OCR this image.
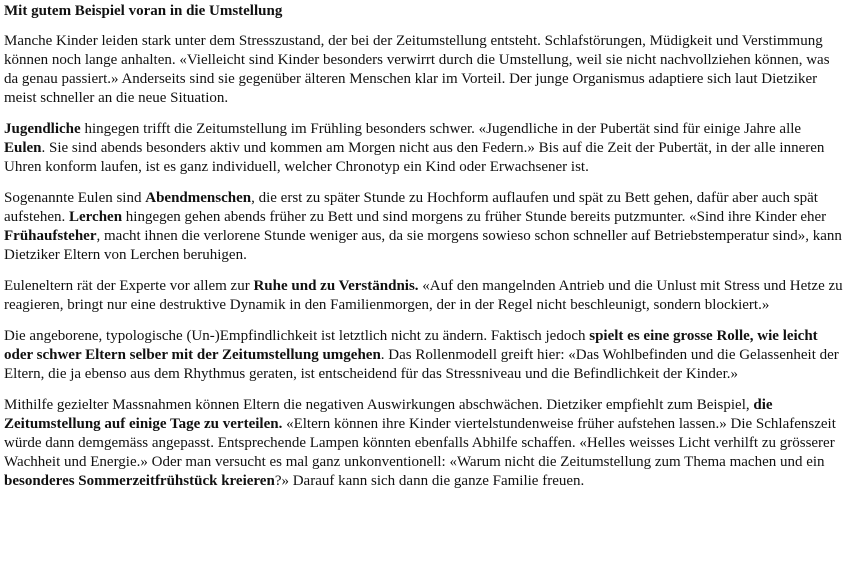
Mit gutem Beispiel voran in die Umstellung

Manche Kinder leiden stark unter dem Stresszustand, der bei der Zeitumstellung entsteht. Schlafstörungen, Müdigkeit und Verstimmung können noch lange anhalten. «Vielleicht sind Kinder besonders verwirrt durch die Umstellung, weil sie nicht nachvollziehen können, was da genau passiert.» Anderseits sind sie gegenüber älteren Menschen klar im Vorteil. Der junge Organismus adaptiere sich laut Dietziker meist schneller an die neue Situation.

Jugendliche hingegen trifft die Zeitumstellung im Frühling besonders schwer. «Jugendliche in der Pubertät sind für einige Jahre alle Eulen. Sie sind abends besonders aktiv und kommen am Morgen nicht aus den Federn.» Bis auf die Zeit der Pubertät, in der alle inneren Uhren konform laufen, ist es ganz individuell, welcher Chronotyp ein Kind oder Erwachsener ist.

Sogenannte Eulen sind Abendmenschen, die erst zu später Stunde zu Hochform auflaufen und spät zu Bett gehen, dafür aber auch spät aufstehen. Lerchen hingegen gehen abends früher zu Bett und sind morgens zu früher Stunde bereits putzmunter. «Sind ihre Kinder eher Frühaufsteher, macht ihnen die verlorene Stunde weniger aus, da sie morgens sowieso schon schneller auf Betriebstemperatur sind», kann Dietziker Eltern von Lerchen beruhigen.

Euleneltern rät der Experte vor allem zur Ruhe und zu Verständnis. «Auf den mangelnden Antrieb und die Unlust mit Stress und Hetze zu reagieren, bringt nur eine destruktive Dynamik in den Familienmorgen, der in der Regel nicht beschleunigt, sondern blockiert.»

Die angeborene, typologische (Un-)Empfindlichkeit ist letztlich nicht zu ändern. Faktisch jedoch spielt es eine grosse Rolle, wie leicht oder schwer Eltern selber mit der Zeitumstellung umgehen. Das Rollenmodell greift hier: «Das Wohlbefinden und die Gelassenheit der Eltern, die ja ebenso aus dem Rhythmus geraten, ist entscheidend für das Stressniveau und die Befindlichkeit der Kinder.»

Mithilfe gezielter Massnahmen können Eltern die negativen Auswirkungen abschwächen. Dietziker empfiehlt zum Beispiel, die Zeitumstellung auf einige Tage zu verteilen. «Eltern können ihre Kinder viertelstundenweise früher aufstehen lassen.» Die Schlafenszeit würde dann demgemäss angepasst. Entsprechende Lampen könnten ebenfalls Abhilfe schaffen. «Helles weisses Licht verhilft zu grösserer Wachheit und Energie.» Oder man versucht es mal ganz unkonventionell: «Warum nicht die Zeitumstellung zum Thema machen und ein besonderes Sommerzeitfrühstück kreieren?» Darauf kann sich dann die ganze Familie freuen.
